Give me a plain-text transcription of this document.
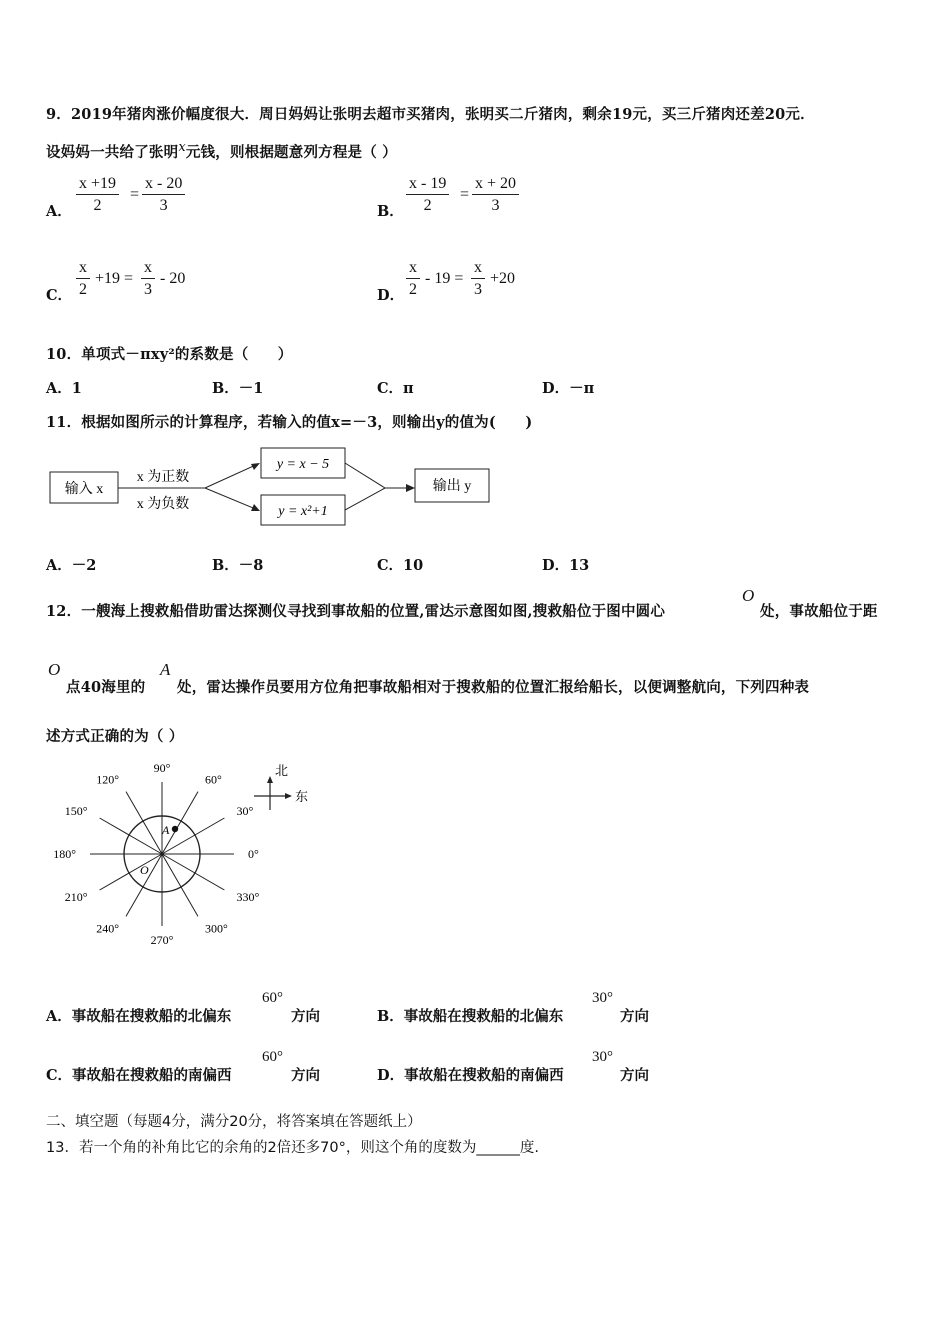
9．2019年猪肉涨价幅度很大．周日妈妈让张明去超市买猪肉，张明买二斤猪肉，剩余19元，买三斤猪肉还差20元．
设妈妈一共给了张明x元钱，则根据题意列方程是（ ）
A． $\frac{x +19}{2} = \frac{x - 20}{3}$	B． $\frac{x - 19}{2} = \frac{x + 20}{3}$
C． $\frac{x}{2} +19 = \frac{x}{3} - 20$
D． $\frac{x}{2} - 19 = \frac{x}{3} +20$
10．单项式－πxy²的系数是（　　）
A．1	B．－1	C．π	D．－π
11．根据如图所示的计算程序，若输入的值x=－3，则输出y的值为(　　)
输入 x
x 为正数
x 为负数
y = x − 5
y = x²+1
输出 y
A．－2	B．－8	C．10	D．13
12．一艘海上搜救船借助雷达探测仪寻找到事故船的位置,雷达示意图如图,搜救船位于图中圆心
O
处，事故船位于距
O
点40海里的
A
处，雷达操作员要用方位角把事故船相对于搜救船的位置汇报给船长，以便调整航向，下列四种表
述方式正确的为（ ）
0°
30°
60°
90°
120°
150°
180°
210°
240°
270°
300°
330°
A
O
北
东
A．事故船在搜救船的北偏东
60°
方向	B．事故船在搜救船的北偏东
30°
方向
C．事故船在搜救船的南偏西
60°
方向	D．事故船在搜救船的南偏西
30°
方向
二、填空题（每题4分，满分20分，将答案填在答题纸上）
13．若一个角的补角比它的余角的2倍还多70°，则这个角的度数为______度.
